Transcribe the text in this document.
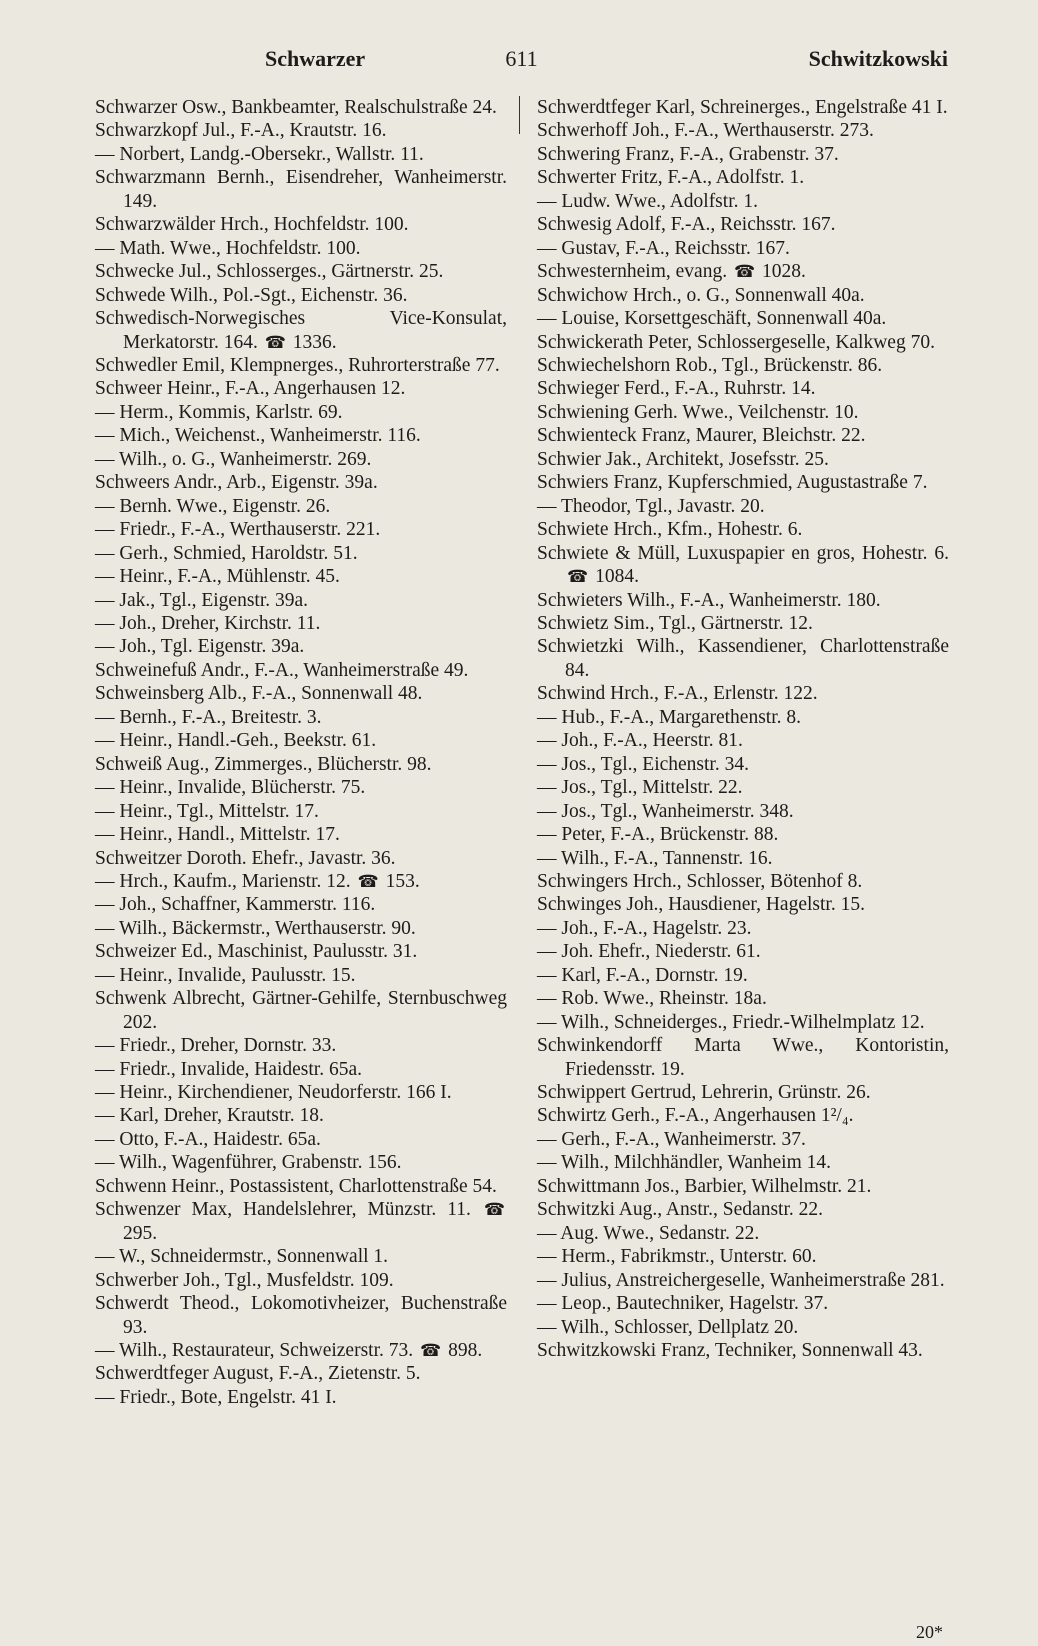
Schwarzer	611	Schwitzkowski

Schwarzer Osw., Bankbeamter, Realschulstraße 24.

Schwarzkopf Jul., F.-A., Krautstr. 16.

— Norbert, Landg.-Obersekr., Wallstr. 11.

Schwarzmann Bernh., Eisendreher, Wanheimerstr. 149.

Schwarzwälder Hrch., Hochfeldstr. 100.

— Math. Wwe., Hochfeldstr. 100.

Schwecke Jul., Schlosserges., Gärtnerstr. 25.

Schwede Wilh., Pol.-Sgt., Eichenstr. 36.

Schwedisch-Norwegisches Vice-Konsulat, Merkatorstr. 164. ☎ 1336.

Schwedler Emil, Klempnerges., Ruhrorterstraße 77.

Schweer Heinr., F.-A., Angerhausen 12.

— Herm., Kommis, Karlstr. 69.

— Mich., Weichenst., Wanheimerstr. 116.

— Wilh., o. G., Wanheimerstr. 269.

Schweers Andr., Arb., Eigenstr. 39a.

— Bernh. Wwe., Eigenstr. 26.

— Friedr., F.-A., Werthauserstr. 221.

— Gerh., Schmied, Haroldstr. 51.

— Heinr., F.-A., Mühlenstr. 45.

— Jak., Tgl., Eigenstr. 39a.

— Joh., Dreher, Kirchstr. 11.

— Joh., Tgl. Eigenstr. 39a.

Schweinefuß Andr., F.-A., Wanheimerstraße 49.

Schweinsberg Alb., F.-A., Sonnenwall 48.

— Bernh., F.-A., Breitestr. 3.

— Heinr., Handl.-Geh., Beekstr. 61.

Schweiß Aug., Zimmerges., Blücherstr. 98.

— Heinr., Invalide, Blücherstr. 75.

— Heinr., Tgl., Mittelstr. 17.

— Heinr., Handl., Mittelstr. 17.

Schweitzer Doroth. Ehefr., Javastr. 36.

— Hrch., Kaufm., Marienstr. 12. ☎ 153.

— Joh., Schaffner, Kammerstr. 116.

— Wilh., Bäckermstr., Werthauserstr. 90.

Schweizer Ed., Maschinist, Paulusstr. 31.

— Heinr., Invalide, Paulusstr. 15.

Schwenk Albrecht, Gärtner-Gehilfe, Sternbuschweg 202.

— Friedr., Dreher, Dornstr. 33.

— Friedr., Invalide, Haidestr. 65a.

— Heinr., Kirchendiener, Neudorferstr. 166 I.

— Karl, Dreher, Krautstr. 18.

— Otto, F.-A., Haidestr. 65a.

— Wilh., Wagenführer, Grabenstr. 156.

Schwenn Heinr., Postassistent, Charlottenstraße 54.

Schwenzer Max, Handelslehrer, Münzstr. 11. ☎ 295.

— W., Schneidermstr., Sonnenwall 1.

Schwerber Joh., Tgl., Musfeldstr. 109.

Schwerdt Theod., Lokomotivheizer, Buchenstraße 93.

— Wilh., Restaurateur, Schweizerstr. 73. ☎ 898.

Schwerdtfeger August, F.-A., Zietenstr. 5.

— Friedr., Bote, Engelstr. 41 I.

Schwerdtfeger Karl, Schreinerges., Engelstraße 41 I.

Schwerhoff Joh., F.-A., Werthauserstr. 273.

Schwering Franz, F.-A., Grabenstr. 37.

Schwerter Fritz, F.-A., Adolfstr. 1.

— Ludw. Wwe., Adolfstr. 1.

Schwesig Adolf, F.-A., Reichsstr. 167.

— Gustav, F.-A., Reichsstr. 167.

Schwesternheim, evang. ☎ 1028.

Schwichow Hrch., o. G., Sonnenwall 40a.

— Louise, Korsettgeschäft, Sonnenwall 40a.

Schwickerath Peter, Schlossergeselle, Kalkweg 70.

Schwiechelshorn Rob., Tgl., Brückenstr. 86.

Schwieger Ferd., F.-A., Ruhrstr. 14.

Schwiening Gerh. Wwe., Veilchenstr. 10.

Schwienteck Franz, Maurer, Bleichstr. 22.

Schwier Jak., Architekt, Josefsstr. 25.

Schwiers Franz, Kupferschmied, Augustastraße 7.

— Theodor, Tgl., Javastr. 20.

Schwiete Hrch., Kfm., Hohestr. 6.

Schwiete & Müll, Luxuspapier en gros, Hohestr. 6. ☎ 1084.

Schwieters Wilh., F.-A., Wanheimerstr. 180.

Schwietz Sim., Tgl., Gärtnerstr. 12.

Schwietzki Wilh., Kassendiener, Charlottenstraße 84.

Schwind Hrch., F.-A., Erlenstr. 122.

— Hub., F.-A., Margarethenstr. 8.

— Joh., F.-A., Heerstr. 81.

— Jos., Tgl., Eichenstr. 34.

— Jos., Tgl., Mittelstr. 22.

— Jos., Tgl., Wanheimerstr. 348.

— Peter, F.-A., Brückenstr. 88.

— Wilh., F.-A., Tannenstr. 16.

Schwingers Hrch., Schlosser, Bötenhof 8.

Schwinges Joh., Hausdiener, Hagelstr. 15.

— Joh., F.-A., Hagelstr. 23.

— Joh. Ehefr., Niederstr. 61.

— Karl, F.-A., Dornstr. 19.

— Rob. Wwe., Rheinstr. 18a.

— Wilh., Schneiderges., Friedr.-Wilhelmplatz 12.

Schwinkendorff Marta Wwe., Kontoristin, Friedensstr. 19.

Schwippert Gertrud, Lehrerin, Grünstr. 26.

Schwirtz Gerh., F.-A., Angerhausen 1²/₄.

— Gerh., F.-A., Wanheimerstr. 37.

— Wilh., Milchhändler, Wanheim 14.

Schwittmann Jos., Barbier, Wilhelmstr. 21.

Schwitzki Aug., Anstr., Sedanstr. 22.

— Aug. Wwe., Sedanstr. 22.

— Herm., Fabrikmstr., Unterstr. 60.

— Julius, Anstreichergeselle, Wanheimerstraße 281.

— Leop., Bautechniker, Hagelstr. 37.

— Wilh., Schlosser, Dellplatz 20.

Schwitzkowski Franz, Techniker, Sonnenwall 43.

20*
